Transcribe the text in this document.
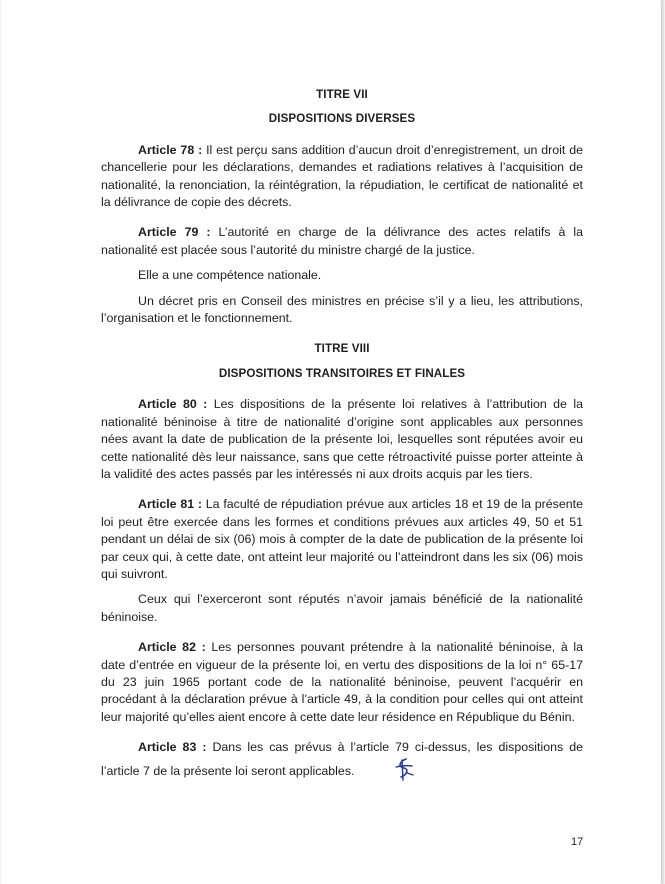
TITRE VII
DISPOSITIONS DIVERSES

Article 78 : Il est perçu sans addition d’aucun droit d’enregistrement, un droit de chancellerie pour les déclarations, demandes et radiations relatives à l’acquisition de nationalité, la renonciation, la réintégration, la répudiation, le certificat de nationalité et la délivrance de copie des décrets.

Article 79 : L’autorité en charge de la délivrance des actes relatifs à la nationalité est placée sous l’autorité du ministre chargé de la justice.

Elle a une compétence nationale.

Un décret pris en Conseil des ministres en précise s’il y a lieu, les attributions, l’organisation et le fonctionnement.

TITRE VIII
DISPOSITIONS TRANSITOIRES ET FINALES

Article 80 : Les dispositions de la présente loi relatives à l’attribution de la nationalité béninoise à titre de nationalité d’origine sont applicables aux personnes nées avant la date de publication de la présente loi, lesquelles sont réputées avoir eu cette nationalité dès leur naissance, sans que cette rétroactivité puisse porter atteinte à la validité des actes passés par les intéressés ni aux droits acquis par les tiers.

Article 81 : La faculté de répudiation prévue aux articles 18 et 19 de la présente loi peut être exercée dans les formes et conditions prévues aux articles 49, 50 et 51 pendant un délai de six (06) mois à compter de la date de publication de la présente loi par ceux qui, à cette date, ont atteint leur majorité ou l’atteindront dans les six (06) mois qui suivront.

Ceux qui l’exerceront sont réputés n’avoir jamais bénéficié de la nationalité béninoise.

Article 82 : Les personnes pouvant prétendre à la nationalité béninoise, à la date d’entrée en vigueur de la présente loi, en vertu des dispositions de la loi n° 65-17 du 23 juin 1965 portant code de la nationalité béninoise, peuvent l’acquérir en procédant à la déclaration prévue à l’article 49, à la condition pour celles qui ont atteint leur majorité qu’elles aient encore à cette date leur résidence en République du Bénin.

Article 83 : Dans les cas prévus à l’article 79 ci-dessus, les dispositions de l’article 7 de la présente loi seront applicables.

17
